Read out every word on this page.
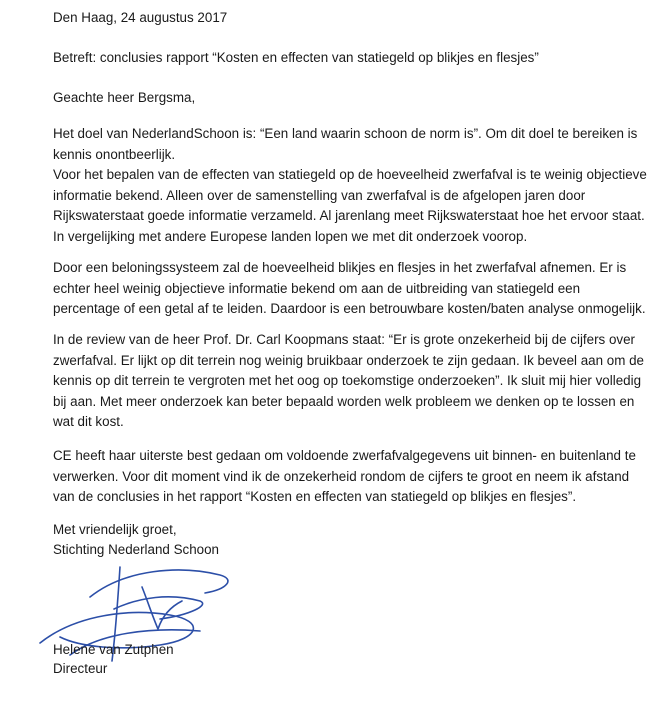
Den Haag, 24 augustus 2017
Betreft: conclusies rapport “Kosten en effecten van statiegeld op blikjes en flesjes”
Geachte heer Bergsma,
Het doel van NederlandSchoon is: “Een land waarin schoon de norm is”. Om dit doel te bereiken is
kennis onontbeerlijk.
Voor het bepalen van de effecten van statiegeld op de hoeveelheid zwerfafval is te weinig objectieve
informatie bekend. Alleen over de samenstelling van zwerfafval is de afgelopen jaren door
Rijkswaterstaat goede informatie verzameld. Al jarenlang meet Rijkswaterstaat hoe het ervoor staat.
In vergelijking met andere Europese landen lopen we met dit onderzoek voorop.
Door een beloningssysteem zal de hoeveelheid blikjes en flesjes in het zwerfafval afnemen. Er is
echter heel weinig objectieve informatie bekend om aan de uitbreiding van statiegeld een
percentage of een getal af te leiden. Daardoor is een betrouwbare kosten/baten analyse onmogelijk.
In de review van de heer Prof. Dr. Carl Koopmans staat: “Er is grote onzekerheid bij de cijfers over
zwerfafval. Er lijkt op dit terrein nog weinig bruikbaar onderzoek te zijn gedaan. Ik beveel aan om de
kennis op dit terrein te vergroten met het oog op toekomstige onderzoeken”. Ik sluit mij hier volledig
bij aan. Met meer onderzoek kan beter bepaald worden welk probleem we denken op te lossen en
wat dit kost.
CE heeft haar uiterste best gedaan om voldoende zwerfafvalgegevens uit binnen- en buitenland te
verwerken. Voor dit moment vind ik de onzekerheid rondom de cijfers te groot en neem ik afstand
van de conclusies in het rapport “Kosten en effecten van statiegeld op blikjes en flesjes”.
Met vriendelijk groet,
Stichting Nederland Schoon
Helene van Zutphen
Directeur
